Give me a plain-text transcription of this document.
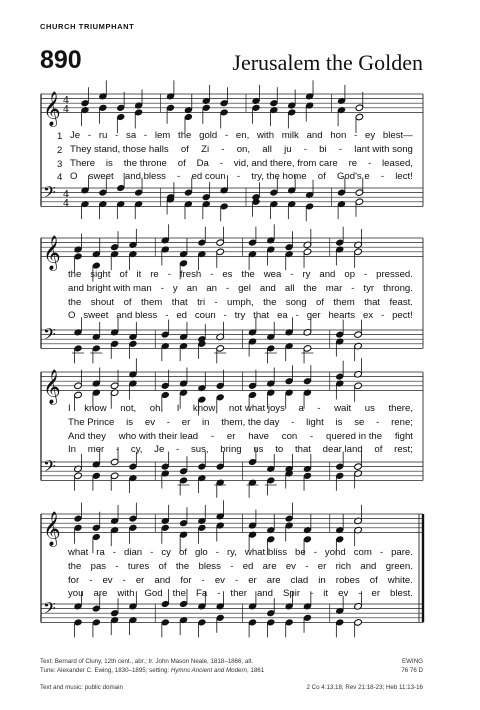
CHURCH TRIUMPHANT
890	Jerusalem the Golden
𝄞
𝄢
4
4
4
4
𝄞
𝄢
𝄞
𝄢
𝄞
𝄢
1 Je - ru - sa - lem the gold - en, with milk and hon - ey blest—
2 They stand, those halls of Zi - on, all ju - bi - lant with song
3 There is the throne of Da - vid, and there, from care re - leased,
4 O sweet and bless - ed coun - try, the home of God's e - lect!
the sight of it re - fresh - es the wea - ry and op - pressed.
and bright with man - y an an - gel and all the mar - tyr throng.
the shout of them that tri - umph, the song of them that feast.
O sweet and bless - ed coun - try that ea - ger hearts ex - pect!
I know not, oh, I know not what joys a - wait us there,
The Prince is ev - er in them, the day - light is se - rene;
And they who with their lead - er have con - quered in the fight
In mer - cy, Je - sus, bring us to that dear land of rest;
what ra - dian - cy of glo - ry, what bliss be - yond com - pare.
the pas - tures of the bless - ed are ev - er rich and green.
for - ev - er and for - ev - er are clad in robes of white.
you are with God the Fa - ther and Spir - it ev - er blest.
Text: Bernard of Cluny, 12th cent., abr.; tr. John Mason Neale, 1818–1866, alt.
Tune: Alexander C. Ewing, 1830–1895; setting: Hymns Ancient and Modern, 1861
Text and music: public domain
EWING
76 76 D
2 Co 4:13,18; Rev 21:18-23; Heb 11:13-16
